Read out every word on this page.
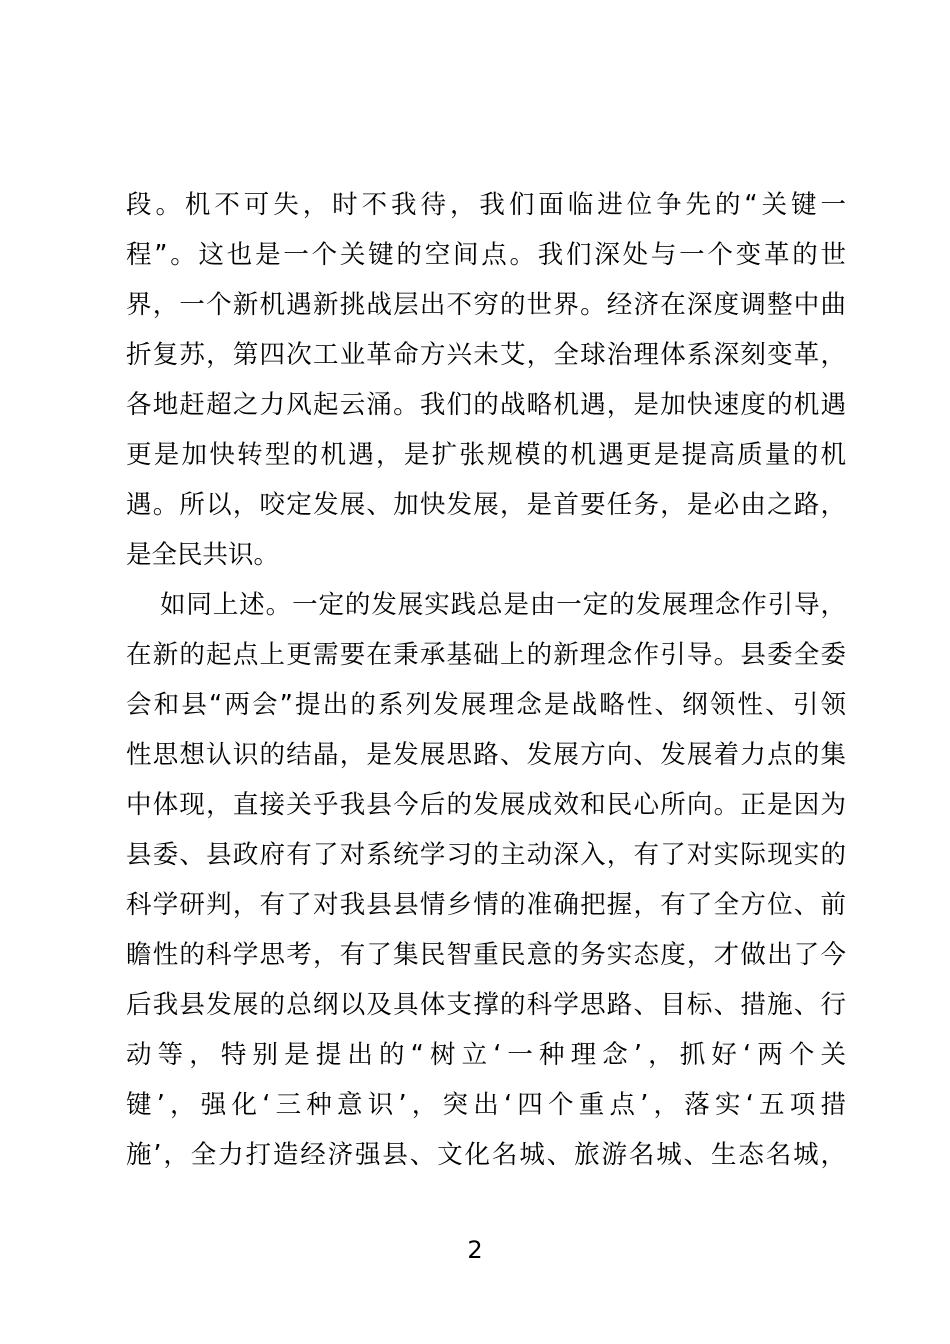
段。机不可失，时不我待，我们面临进位争先的“关键一
程”。这也是一个关键的空间点。我们深处与一个变革的世
界，一个新机遇新挑战层出不穷的世界。经济在深度调整中曲
折复苏，第四次工业革命方兴未艾，全球治理体系深刻变革，
各地赶超之力风起云涌。我们的战略机遇，是加快速度的机遇
更是加快转型的机遇，是扩张规模的机遇更是提高质量的机
遇。所以，咬定发展、加快发展，是首要任务，是必由之路，
是全民共识。
如同上述。一定的发展实践总是由一定的发展理念作引导，
在新的起点上更需要在秉承基础上的新理念作引导。县委全委
会和县“两会”提出的系列发展理念是战略性、纲领性、引领
性思想认识的结晶，是发展思路、发展方向、发展着力点的集
中体现，直接关乎我县今后的发展成效和民心所向。正是因为
县委、县政府有了对系统学习的主动深入，有了对实际现实的
科学研判，有了对我县县情乡情的准确把握，有了全方位、前
瞻性的科学思考，有了集民智重民意的务实态度，才做出了今
后我县发展的总纲以及具体支撑的科学思路、目标、措施、行
动等，特别是提出的“树立‘一种理念’，抓好‘两个关
键’，强化‘三种意识’，突出‘四个重点’，落实‘五项措
施’，全力打造经济强县、文化名城、旅游名城、生态名城，
2
